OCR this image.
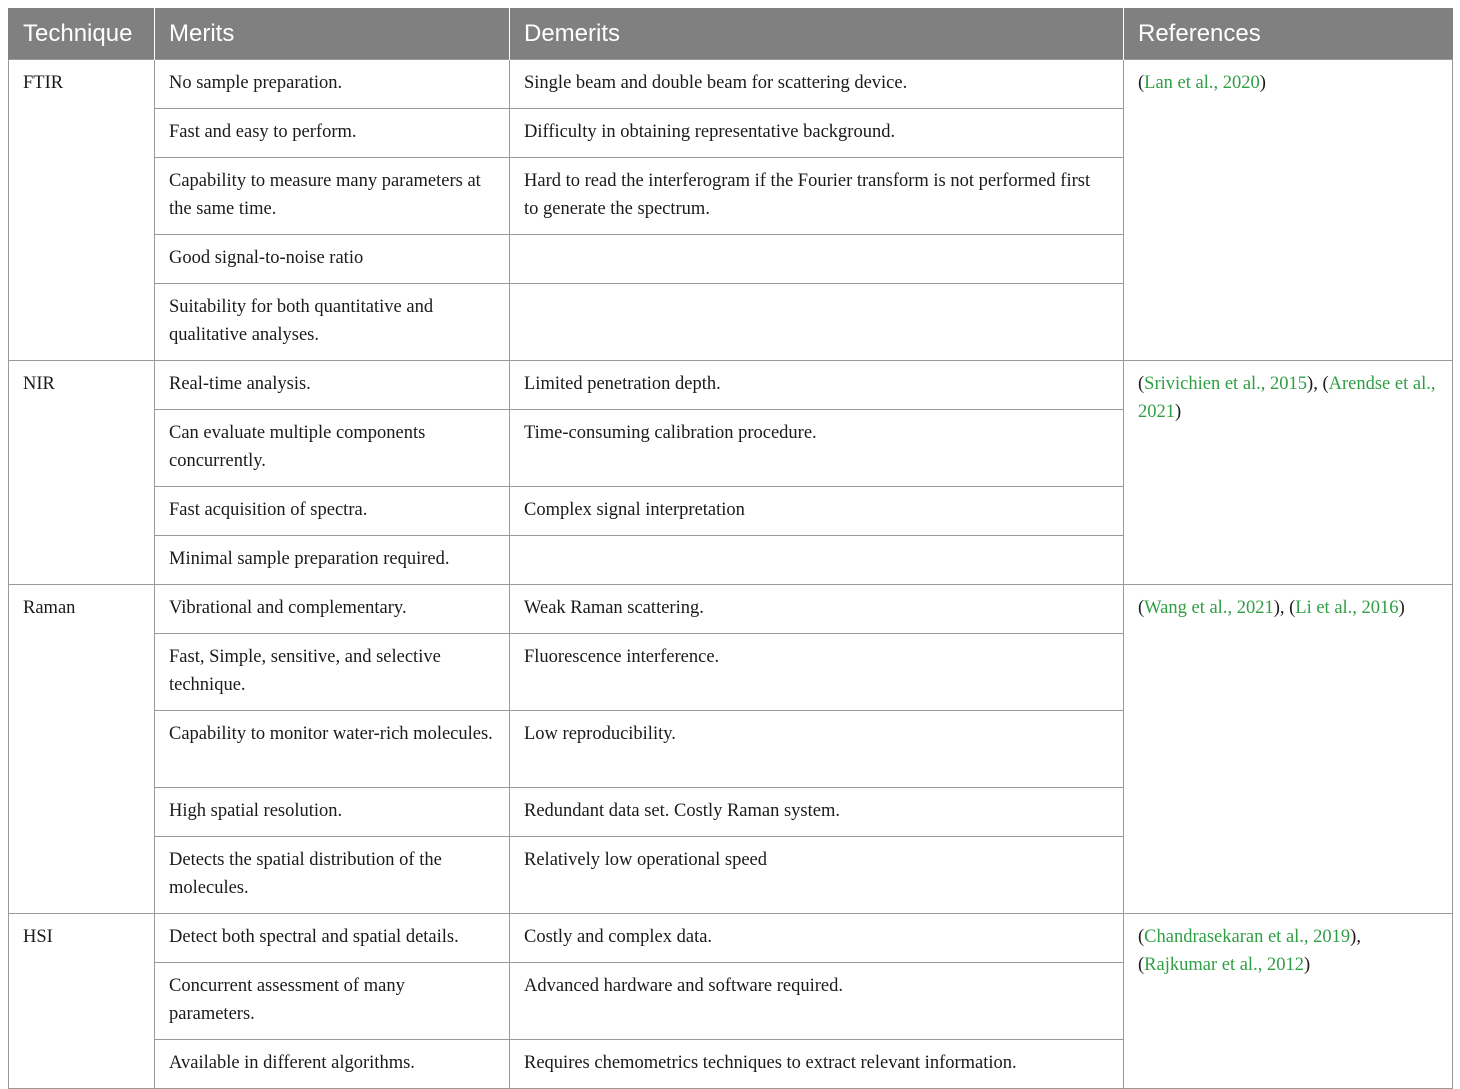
Technique	Merits	Demerits	References
FTIR	No sample preparation.	Single beam and double beam for scattering device.	(Lan et al., 2020)
	Fast and easy to perform.	Difficulty in obtaining representative background.	
	Capability to measure many parameters at the same time.	Hard to read the interferogram if the Fourier transform is not performed first to generate the spectrum.	
	Good signal-to-noise ratio		
	Suitability for both quantitative and qualitative analyses.		
NIR	Real-time analysis.	Limited penetration depth.	(Srivichien et al., 2015), (Arendse et al., 2021)
	Can evaluate multiple components concurrently.	Time-consuming calibration procedure.	
	Fast acquisition of spectra.	Complex signal interpretation	
	Minimal sample preparation required.		
Raman	Vibrational and complementary.	Weak Raman scattering.	(Wang et al., 2021), (Li et al., 2016)
	Fast, Simple, sensitive, and selective technique.	Fluorescence interference.	
	Capability to monitor water-rich molecules.	Low reproducibility.	
	High spatial resolution.	Redundant data set. Costly Raman system.	
	Detects the spatial distribution of the molecules.	Relatively low operational speed	
HSI	Detect both spectral and spatial details.	Costly and complex data.	(Chandrasekaran et al., 2019), (Rajkumar et al., 2012)
	Concurrent assessment of many parameters.	Advanced hardware and software required.	
	Available in different algorithms.	Requires chemometrics techniques to extract relevant information.	
